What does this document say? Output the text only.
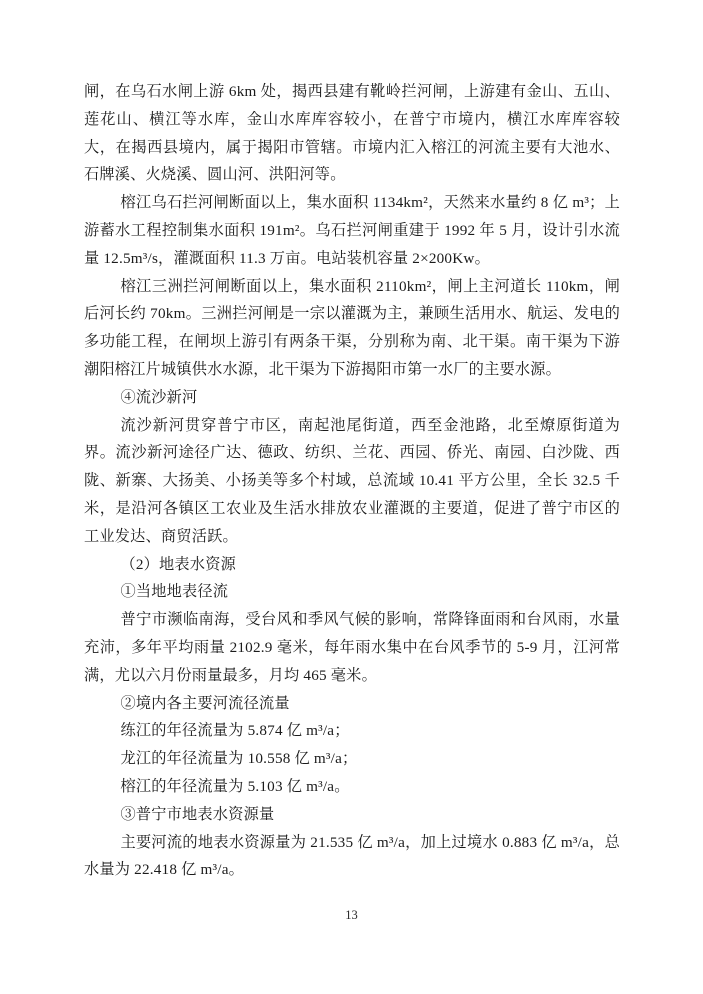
闸，在乌石水闸上游 6km 处，揭西县建有靴岭拦河闸，上游建有金山、五山、莲花山、横江等水库，金山水库库容较小，在普宁市境内，横江水库库容较大，在揭西县境内，属于揭阳市管辖。市境内汇入榕江的河流主要有大池水、石牌溪、火烧溪、圆山河、洪阳河等。

榕江乌石拦河闸断面以上，集水面积 1134km²，天然来水量约 8 亿 m³；上游蓄水工程控制集水面积 191m²。乌石拦河闸重建于 1992 年 5 月，设计引水流量 12.5m³/s，灌溉面积 11.3 万亩。电站装机容量 2×200Kw。

榕江三洲拦河闸断面以上，集水面积 2110km²，闸上主河道长 110km，闸后河长约 70km。三洲拦河闸是一宗以灌溉为主，兼顾生活用水、航运、发电的多功能工程，在闸坝上游引有两条干渠，分别称为南、北干渠。南干渠为下游潮阳榕江片城镇供水水源，北干渠为下游揭阳市第一水厂的主要水源。

④流沙新河

流沙新河贯穿普宁市区，南起池尾街道，西至金池路，北至燎原街道为界。流沙新河途径广达、德政、纺织、兰花、西园、侨光、南园、白沙陇、西陇、新寨、大扬美、小扬美等多个村域，总流域 10.41 平方公里，全长 32.5 千米，是沿河各镇区工农业及生活水排放农业灌溉的主要道，促进了普宁市区的工业发达、商贸活跃。

（2）地表水资源

①当地地表径流

普宁市濒临南海，受台风和季风气候的影响，常降锋面雨和台风雨，水量充沛，多年平均雨量 2102.9 毫米，每年雨水集中在台风季节的 5-9 月，江河常满，尤以六月份雨量最多，月均 465 毫米。

②境内各主要河流径流量

练江的年径流量为 5.874 亿 m³/a；

龙江的年径流量为 10.558 亿 m³/a；

榕江的年径流量为 5.103 亿 m³/a。

③普宁市地表水资源量

主要河流的地表水资源量为 21.535 亿 m³/a，加上过境水 0.883 亿 m³/a，总水量为 22.418 亿 m³/a。

13
